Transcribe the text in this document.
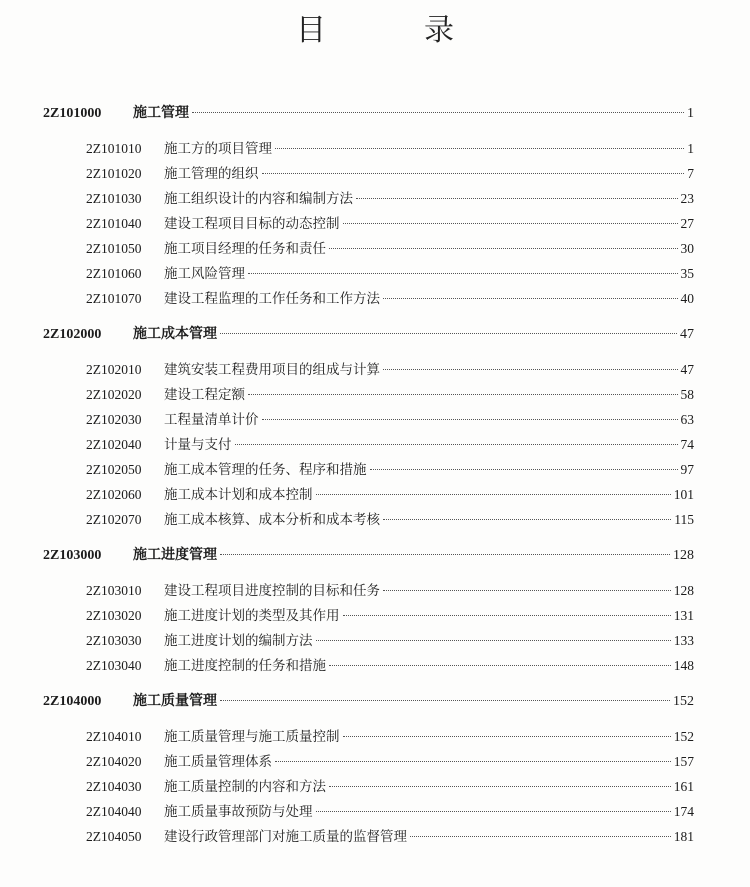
目　录
2Z101000	施工管理	1
2Z101010	施工方的项目管理	1
2Z101020	施工管理的组织	7
2Z101030	施工组织设计的内容和编制方法	23
2Z101040	建设工程项目目标的动态控制	27
2Z101050	施工项目经理的任务和责任	30
2Z101060	施工风险管理	35
2Z101070	建设工程监理的工作任务和工作方法	40
2Z102000	施工成本管理	47
2Z102010	建筑安装工程费用项目的组成与计算	47
2Z102020	建设工程定额	58
2Z102030	工程量清单计价	63
2Z102040	计量与支付	74
2Z102050	施工成本管理的任务、程序和措施	97
2Z102060	施工成本计划和成本控制	101
2Z102070	施工成本核算、成本分析和成本考核	115
2Z103000	施工进度管理	128
2Z103010	建设工程项目进度控制的目标和任务	128
2Z103020	施工进度计划的类型及其作用	131
2Z103030	施工进度计划的编制方法	133
2Z103040	施工进度控制的任务和措施	148
2Z104000	施工质量管理	152
2Z104010	施工质量管理与施工质量控制	152
2Z104020	施工质量管理体系	157
2Z104030	施工质量控制的内容和方法	161
2Z104040	施工质量事故预防与处理	174
2Z104050	建设行政管理部门对施工质量的监督管理	181
